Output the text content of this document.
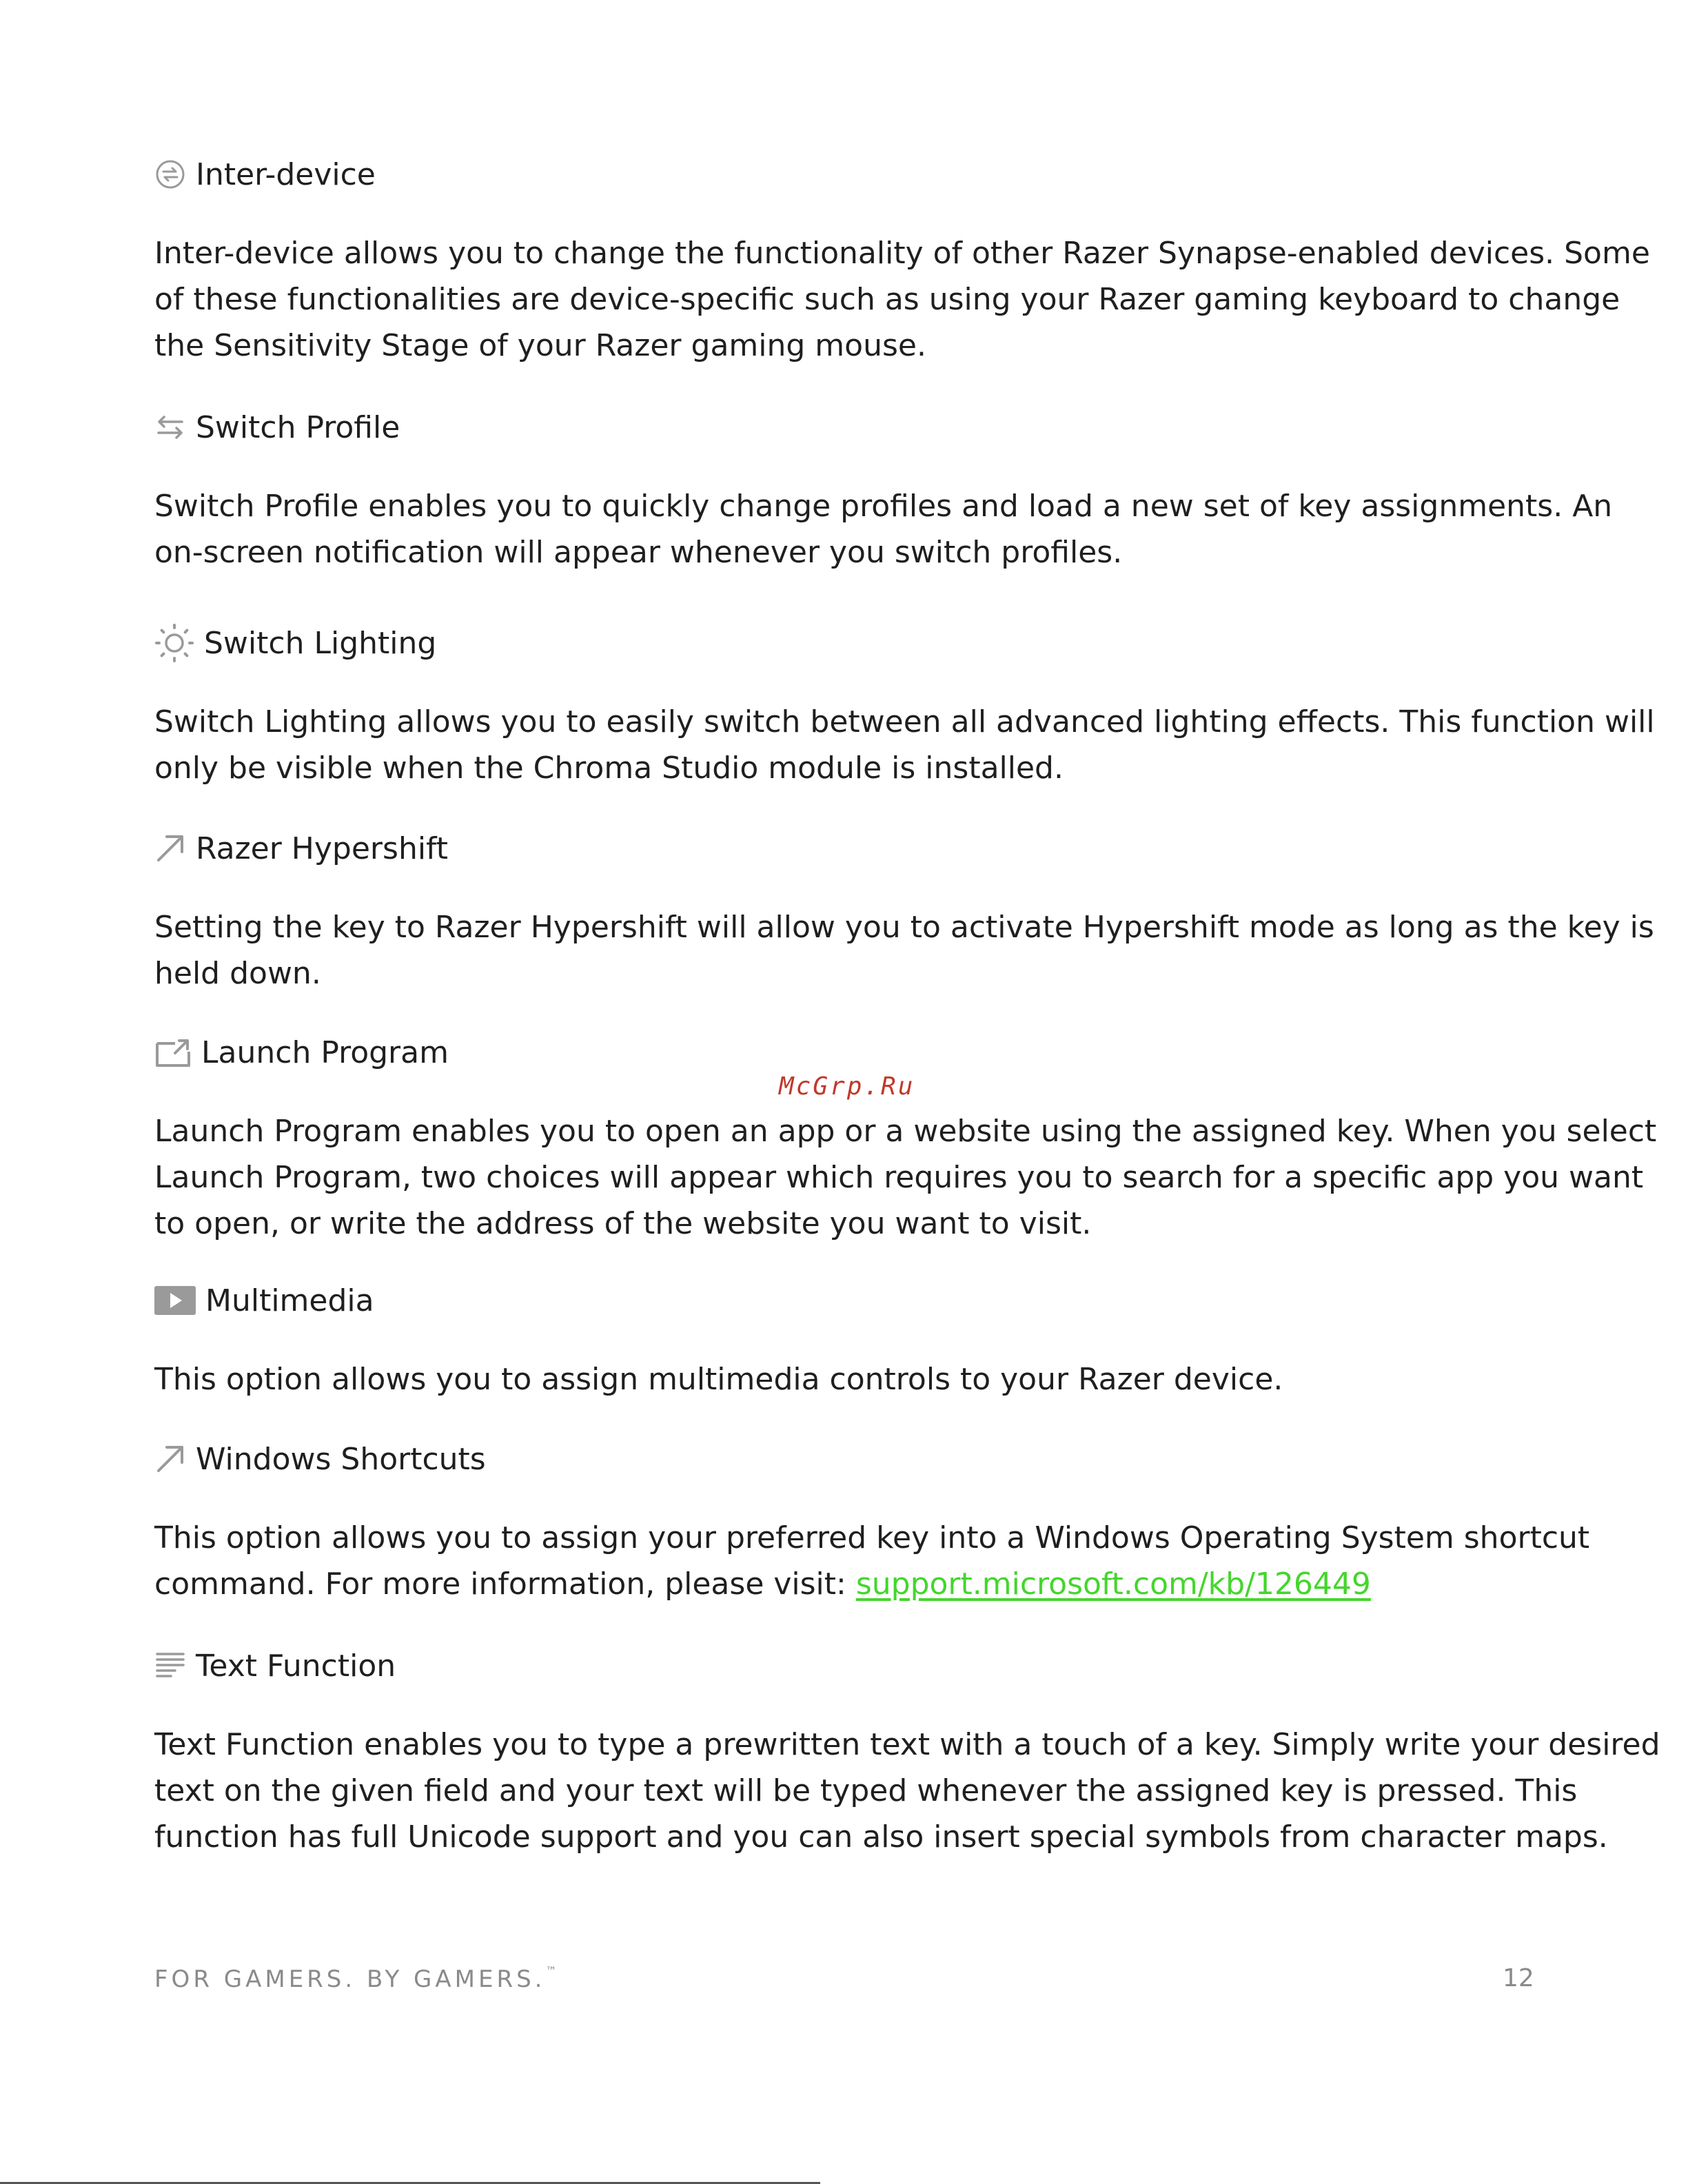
Inter-device

Inter-device allows you to change the functionality of other Razer Synapse-enabled devices. Some
of these functionalities are device-specific such as using your Razer gaming keyboard to change
the Sensitivity Stage of your Razer gaming mouse.

Switch Profile

Switch Profile enables you to quickly change profiles and load a new set of key assignments. An
on-screen notification will appear whenever you switch profiles.

Switch Lighting

Switch Lighting allows you to easily switch between all advanced lighting effects. This function will
only be visible when the Chroma Studio module is installed.

Razer Hypershift

Setting the key to Razer Hypershift will allow you to activate Hypershift mode as long as the key is
held down.

Launch Program

Launch Program enables you to open an app or a website using the assigned key. When you select
Launch Program, two choices will appear which requires you to search for a specific app you want
to open, or write the address of the website you want to visit.

Multimedia

This option allows you to assign multimedia controls to your Razer device.

Windows Shortcuts

This option allows you to assign your preferred key into a Windows Operating System shortcut
command. For more information, please visit: support.microsoft.com/kb/126449

Text Function

Text Function enables you to type a prewritten text with a touch of a key. Simply write your desired
text on the given field and your text will be typed whenever the assigned key is pressed. This
function has full Unicode support and you can also insert special symbols from character maps.

McGrp.Ru
FOR GAMERS. BY GAMERS.™	12
